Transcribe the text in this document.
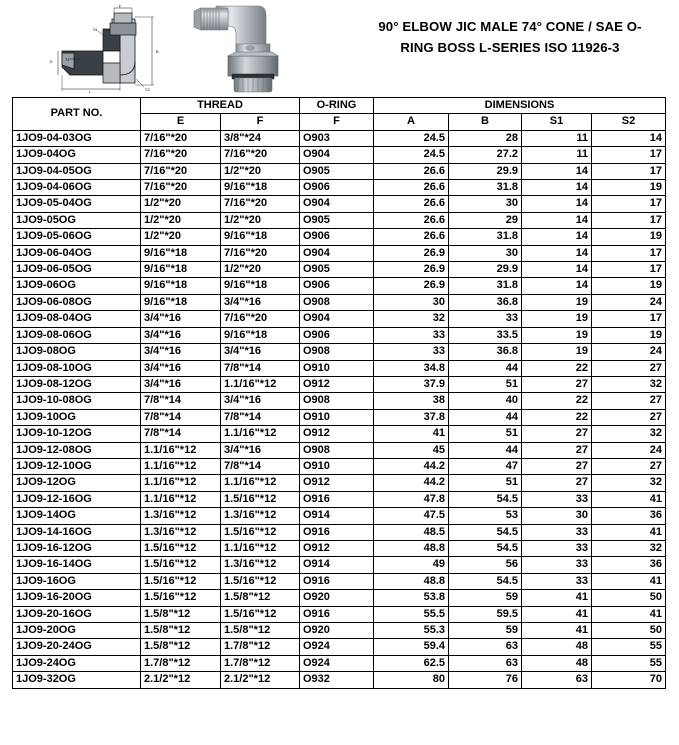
F
B
E
L
S1
S2
74°
90° ELBOW JIC MALE 74° CONE / SAE O-
RING BOSS L-SERIES ISO 11926-3
PART NO.	THREAD		O-RING	DIMENSIONS			
	E	F	F	A	B	S1	S2
1JO9-04-03OG	7/16"*20	3/8"*24	O903	24.5	28	11	14
1JO9-04OG	7/16"*20	7/16"*20	O904	24.5	27.2	11	17
1JO9-04-05OG	7/16"*20	1/2"*20	O905	26.6	29.9	14	17
1JO9-04-06OG	7/16"*20	9/16"*18	O906	26.6	31.8	14	19
1JO9-05-04OG	1/2"*20	7/16"*20	O904	26.6	30	14	17
1JO9-05OG	1/2"*20	1/2"*20	O905	26.6	29	14	17
1JO9-05-06OG	1/2"*20	9/16"*18	O906	26.6	31.8	14	19
1JO9-06-04OG	9/16"*18	7/16"*20	O904	26.9	30	14	17
1JO9-06-05OG	9/16"*18	1/2"*20	O905	26.9	29.9	14	17
1JO9-06OG	9/16"*18	9/16"*18	O906	26.9	31.8	14	19
1JO9-06-08OG	9/16"*18	3/4"*16	O908	30	36.8	19	24
1JO9-08-04OG	3/4"*16	7/16"*20	O904	32	33	19	17
1JO9-08-06OG	3/4"*16	9/16"*18	O906	33	33.5	19	19
1JO9-08OG	3/4"*16	3/4"*16	O908	33	36.8	19	24
1JO9-08-10OG	3/4"*16	7/8"*14	O910	34.8	44	22	27
1JO9-08-12OG	3/4"*16	1.1/16"*12	O912	37.9	51	27	32
1JO9-10-08OG	7/8"*14	3/4"*16	O908	38	40	22	27
1JO9-10OG	7/8"*14	7/8"*14	O910	37.8	44	22	27
1JO9-10-12OG	7/8"*14	1.1/16"*12	O912	41	51	27	32
1JO9-12-08OG	1.1/16"*12	3/4"*16	O908	45	44	27	24
1JO9-12-10OG	1.1/16"*12	7/8"*14	O910	44.2	47	27	27
1JO9-12OG	1.1/16"*12	1.1/16"*12	O912	44.2	51	27	32
1JO9-12-16OG	1.1/16"*12	1.5/16"*12	O916	47.8	54.5	33	41
1JO9-14OG	1.3/16"*12	1.3/16"*12	O914	47.5	53	30	36
1JO9-14-16OG	1.3/16"*12	1.5/16"*12	O916	48.5	54.5	33	41
1JO9-16-12OG	1.5/16"*12	1.1/16"*12	O912	48.8	54.5	33	32
1JO9-16-14OG	1.5/16"*12	1.3/16"*12	O914	49	56	33	36
1JO9-16OG	1.5/16"*12	1.5/16"*12	O916	48.8	54.5	33	41
1JO9-16-20OG	1.5/16"*12	1.5/8"*12	O920	53.8	59	41	50
1JO9-20-16OG	1.5/8"*12	1.5/16"*12	O916	55.5	59.5	41	41
1JO9-20OG	1.5/8"*12	1.5/8"*12	O920	55.3	59	41	50
1JO9-20-24OG	1.5/8"*12	1.7/8"*12	O924	59.4	63	48	55
1JO9-24OG	1.7/8"*12	1.7/8"*12	O924	62.5	63	48	55
1JO9-32OG	2.1/2"*12	2.1/2"*12	O932	80	76	63	70
